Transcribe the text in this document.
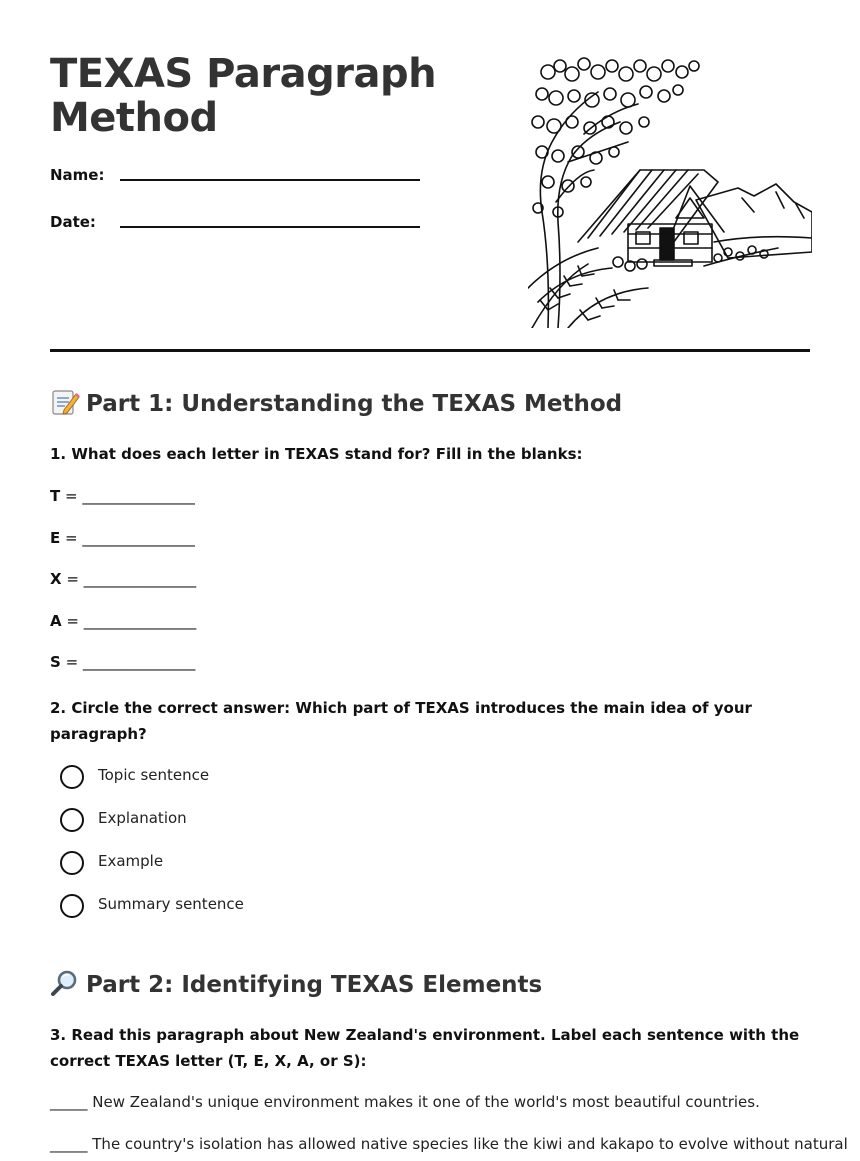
TEXAS Paragraph Method
Name:
Date:
Part 1: Understanding the TEXAS Method

1. What does each letter in TEXAS stand for? Fill in the blanks:

T = _______________
E = _______________
X = _______________
A = _______________
S = _______________

2. Circle the correct answer: Which part of TEXAS introduces the main idea of your paragraph?

Topic sentence
Explanation
Example
Summary sentence
Part 2: Identifying TEXAS Elements

3. Read this paragraph about New Zealand's environment. Label each sentence with the correct TEXAS letter (T, E, X, A, or S):

_____ New Zealand's unique environment makes it one of the world's most beautiful countries.
_____ The country's isolation has allowed native species like the kiwi and kakapo to evolve without natural
